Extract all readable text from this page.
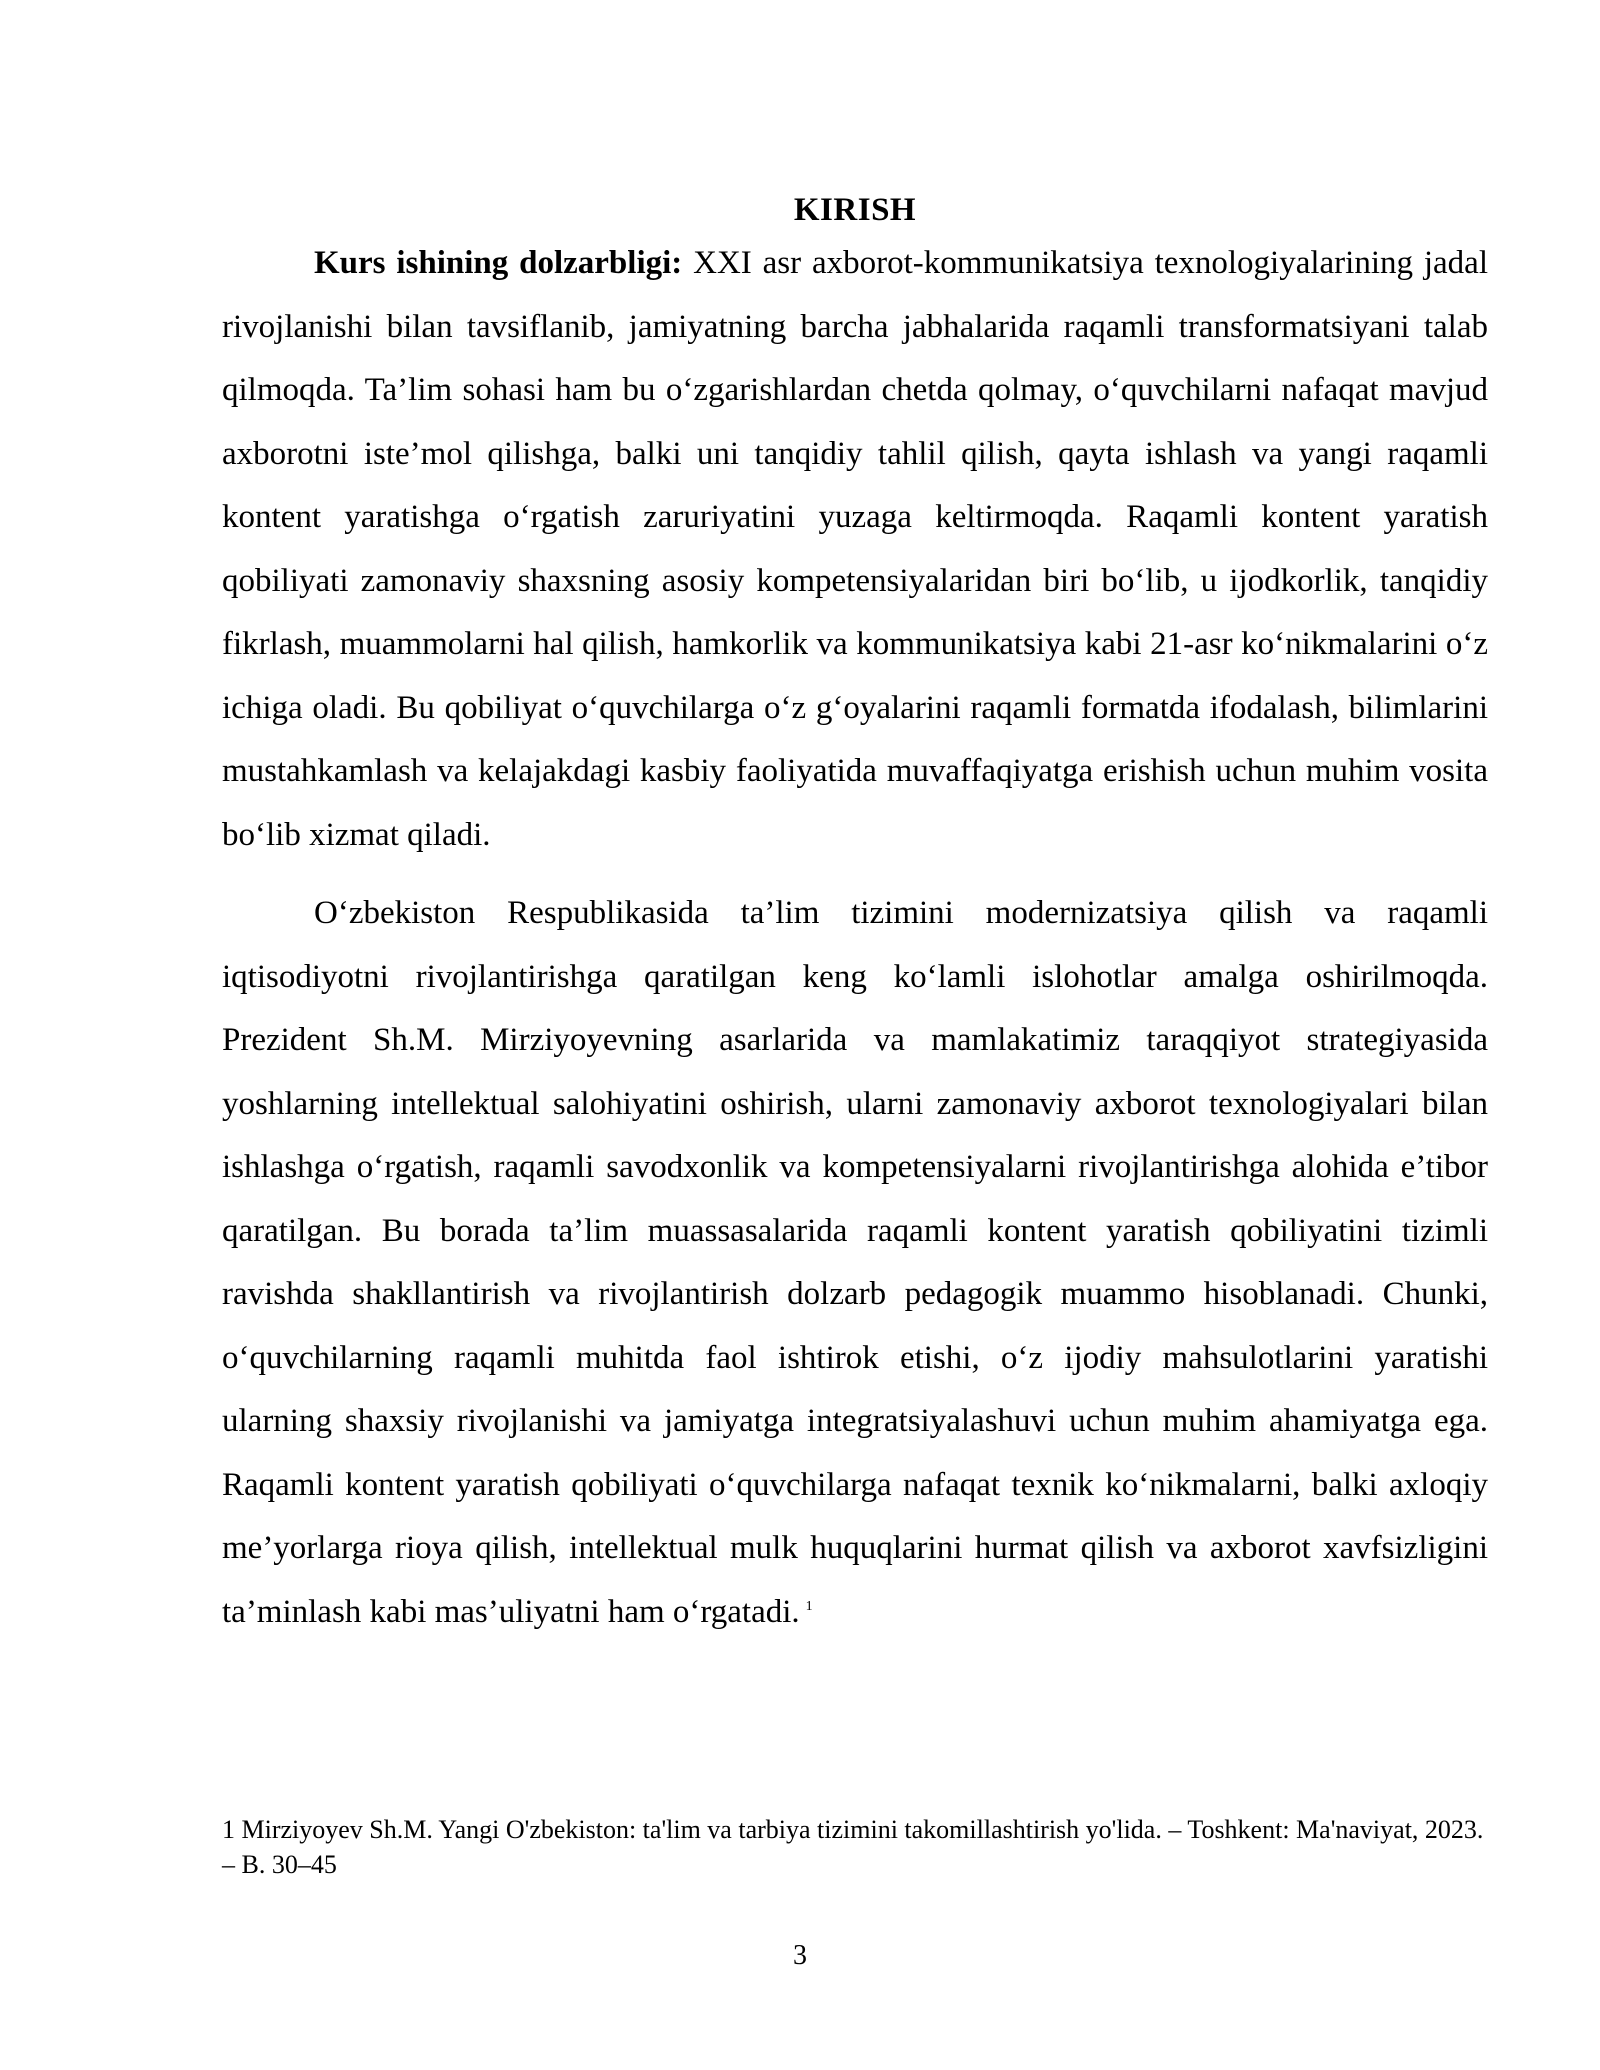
KIRISH

Kurs ishining dolzarbligi: XXI asr axborot-kommunikatsiya texnologiyalarining jadal rivojlanishi bilan tavsiflanib, jamiyatning barcha jabhalarida raqamli transformatsiyani talab qilmoqda. Ta’lim sohasi ham bu o‘zgarishlardan chetda qolmay, o‘quvchilarni nafaqat mavjud axborotni iste’mol qilishga, balki uni tanqidiy tahlil qilish, qayta ishlash va yangi raqamli kontent yaratishga o‘rgatish zaruriyatini yuzaga keltirmoqda. Raqamli kontent yaratish qobiliyati zamonaviy shaxsning asosiy kompetensiyalaridan biri bo‘lib, u ijodkorlik, tanqidiy fikrlash, muammolarni hal qilish, hamkorlik va kommunikatsiya kabi 21-asr ko‘nikmalarini o‘z ichiga oladi. Bu qobiliyat o‘quvchilarga o‘z g‘oyalarini raqamli formatda ifodalash, bilimlarini mustahkamlash va kelajakdagi kasbiy faoliyatida muvaffaqiyatga erishish uchun muhim vosita bo‘lib xizmat qiladi.

O‘zbekiston Respublikasida ta’lim tizimini modernizatsiya qilish va raqamli iqtisodiyotni rivojlantirishga qaratilgan keng ko‘lamli islohotlar amalga oshirilmoqda. Prezident Sh.M. Mirziyoyevning asarlarida va mamlakatimiz taraqqiyot strategiyasida yoshlarning intellektual salohiyatini oshirish, ularni zamonaviy axborot texnologiyalari bilan ishlashga o‘rgatish, raqamli savodxonlik va kompetensiyalarni rivojlantirishga alohida e’tibor qaratilgan. Bu borada ta’lim muassasalarida raqamli kontent yaratish qobiliyatini tizimli ravishda shakllantirish va rivojlantirish dolzarb pedagogik muammo hisoblanadi. Chunki, o‘quvchilarning raqamli muhitda faol ishtirok etishi, o‘z ijodiy mahsulotlarini yaratishi ularning shaxsiy rivojlanishi va jamiyatga integratsiyalashuvi uchun muhim ahamiyatga ega. Raqamli kontent yaratish qobiliyati o‘quvchilarga nafaqat texnik ko‘nikmalarni, balki axloqiy me’yorlarga rioya qilish, intellektual mulk huquqlarini hurmat qilish va axborot xavfsizligini ta’minlash kabi mas’uliyatni ham o‘rgatadi. $^1$

1 Mirziyoyev Sh.M. Yangi O'zbekiston: ta'lim va tarbiya tizimini takomillashtirish yo'lida. – Toshkent: Ma'naviyat, 2023. – B. 30–45

3
